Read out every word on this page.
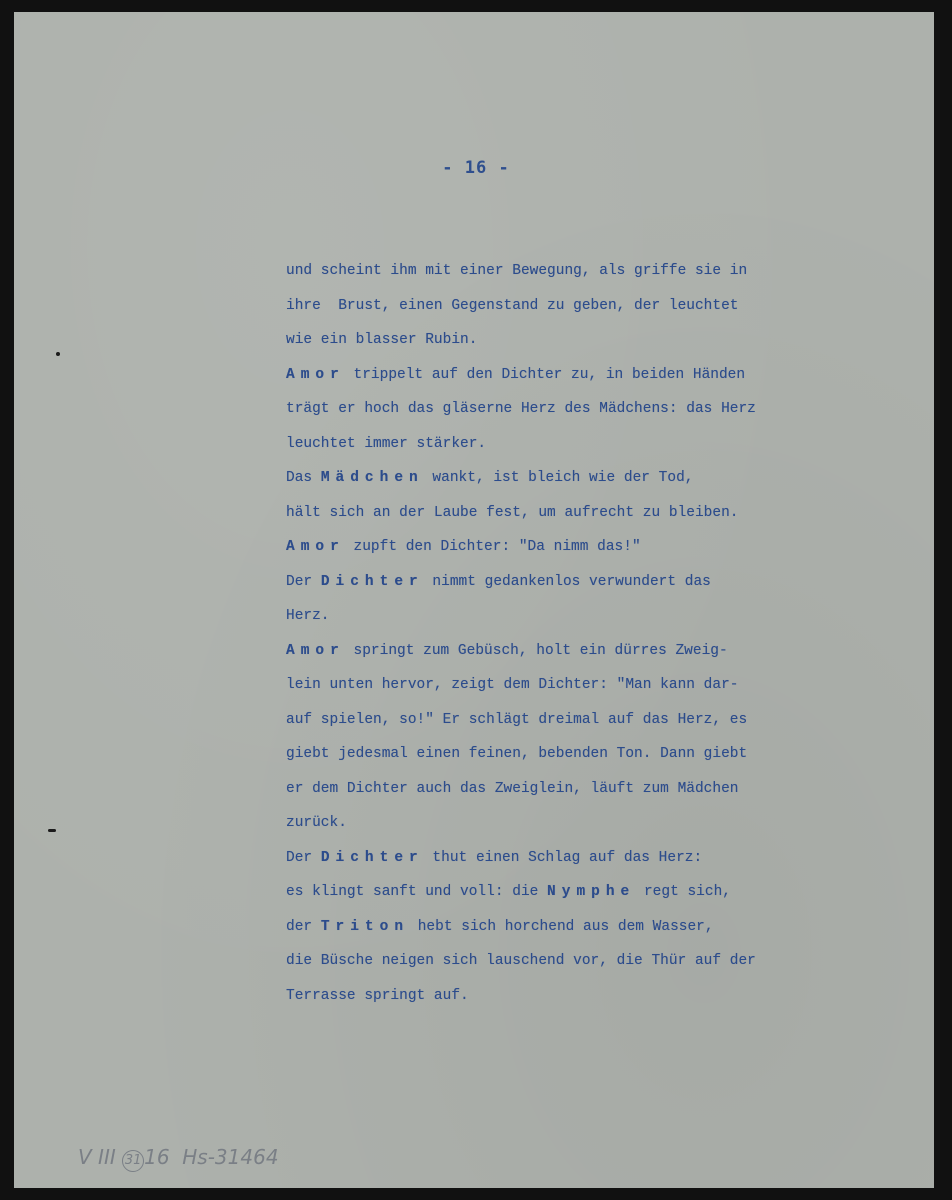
- 16 -
und scheint ihm mit einer Bewegung, als griffe sie in
ihre  Brust, einen Gegenstand zu geben, der leuchtet
wie ein blasser Rubin.
Amor trippelt auf den Dichter zu, in beiden Händen
trägt er hoch das gläserne Herz des Mädchens: das Herz
leuchtet immer stärker.
Das Mädchen wankt, ist bleich wie der Tod,
hält sich an der Laube fest, um aufrecht zu bleiben.
Amor zupft den Dichter: "Da nimm das!"
Der Dichter nimmt gedankenlos verwundert das
Herz.
Amor springt zum Gebüsch, holt ein dürres Zweig-
lein unten hervor, zeigt dem Dichter: "Man kann dar-
auf spielen, so!" Er schlägt dreimal auf das Herz, es
giebt jedesmal einen feinen, bebenden Ton. Dann giebt
er dem Dichter auch das Zweiglein, läuft zum Mädchen
zurück.
Der Dichter thut einen Schlag auf das Herz:
es klingt sanft und voll: die Nymphe regt sich,
der Triton hebt sich horchend aus dem Wasser,
die Büsche neigen sich lauschend vor, die Thür auf der
Terrasse springt auf.
V III 31 16  Hs-31464
